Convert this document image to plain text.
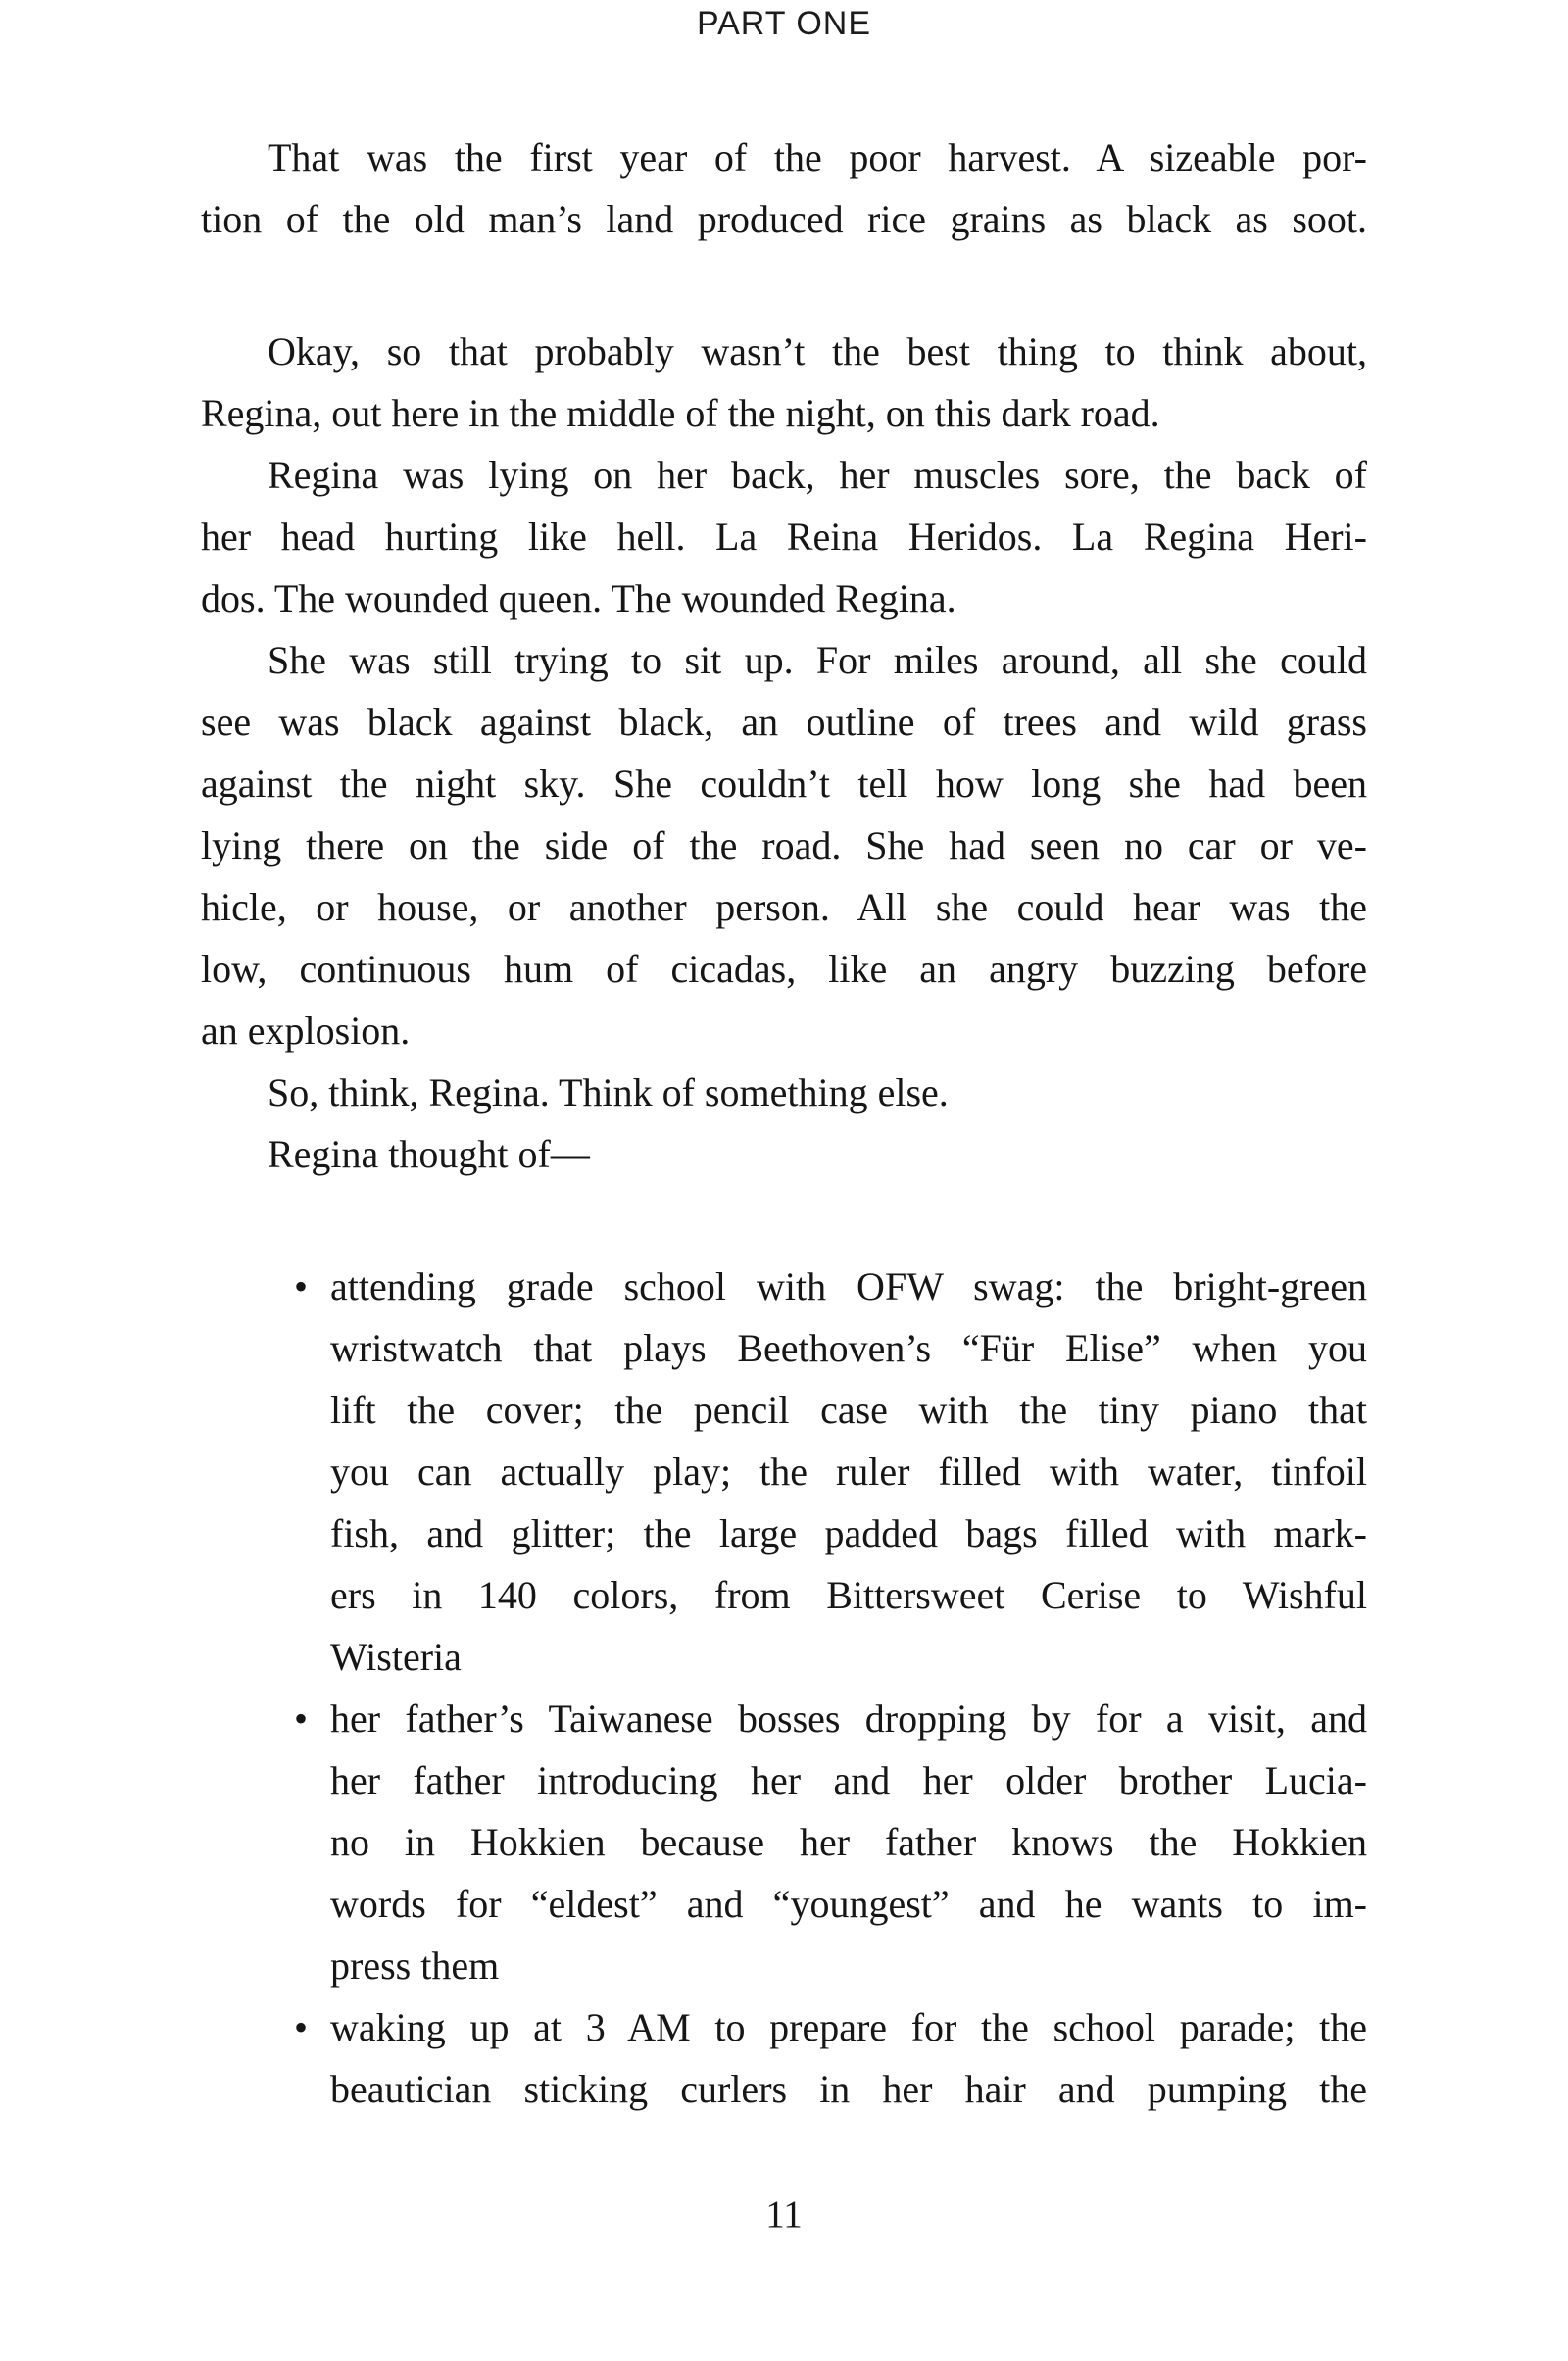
PART ONE
That was the first year of the poor harvest. A sizeable por-
tion of the old man’s land produced rice grains as black as soot.
Okay, so that probably wasn’t the best thing to think about,
Regina, out here in the middle of the night, on this dark road.
Regina was lying on her back, her muscles sore, the back of
her head hurting like hell. La Reina Heridos. La Regina Heri-
dos. The wounded queen. The wounded Regina.
She was still trying to sit up. For miles around, all she could
see was black against black, an outline of trees and wild grass
against the night sky. She couldn’t tell how long she had been
lying there on the side of the road. She had seen no car or ve-
hicle, or house, or another person. All she could hear was the
low, continuous hum of cicadas, like an angry buzzing before
an explosion.
So, think, Regina. Think of something else.
Regina thought of—
• attending grade school with OFW swag: the bright-green
wristwatch that plays Beethoven’s “Für Elise” when you
lift the cover; the pencil case with the tiny piano that
you can actually play; the ruler filled with water, tinfoil
fish, and glitter; the large padded bags filled with mark-
ers in 140 colors, from Bittersweet Cerise to Wishful
Wisteria
• her father’s Taiwanese bosses dropping by for a visit, and
her father introducing her and her older brother Lucia-
no in Hokkien because her father knows the Hokkien
words for “eldest” and “youngest” and he wants to im-
press them
• waking up at 3 AM to prepare for the school parade; the
beautician sticking curlers in her hair and pumping the
11
